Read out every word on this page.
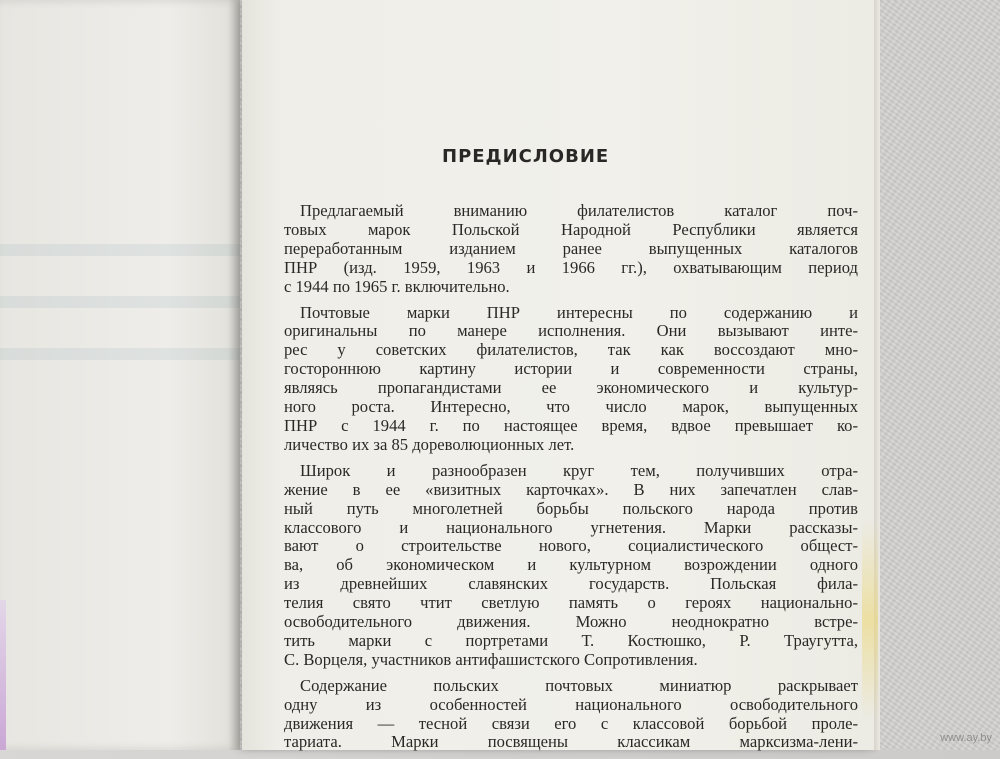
ПРЕДИСЛОВИЕ
Предлагаемый вниманию филателистов каталог поч-
товых марок Польской Народной Республики является
переработанным изданием ранее выпущенных каталогов
ПНР (изд. 1959, 1963 и 1966 гг.), охватывающим период
с 1944 по 1965 г. включительно.
Почтовые марки ПНР интересны по содержанию и
оригинальны по манере исполнения. Они вызывают инте-
рес у советских филателистов, так как воссоздают мно-
гостороннюю картину истории и современности страны,
являясь пропагандистами ее экономического и культур-
ного роста. Интересно, что число марок, выпущенных
ПНР с 1944 г. по настоящее время, вдвое превышает ко-
личество их за 85 дореволюционных лет.
Широк и разнообразен круг тем, получивших отра-
жение в ее «визитных карточках». В них запечатлен слав-
ный путь многолетней борьбы польского народа против
классового и национального угнетения. Марки рассказы-
вают о строительстве нового, социалистического общест-
ва, об экономическом и культурном возрождении одного
из древнейших славянских государств. Польская фила-
телия свято чтит светлую память о героях национально-
освободительного движения. Можно неоднократно встре-
тить марки с портретами Т. Костюшко, Р. Траугутта,
С. Ворцеля, участников антифашистского Сопротивления.
Содержание польских почтовых миниатюр раскрывает
одну из особенностей национального освободительного
движения — тесной связи его с классовой борьбой проле-
тариата. Марки посвящены классикам марксизма-лени-	www.ay.by
